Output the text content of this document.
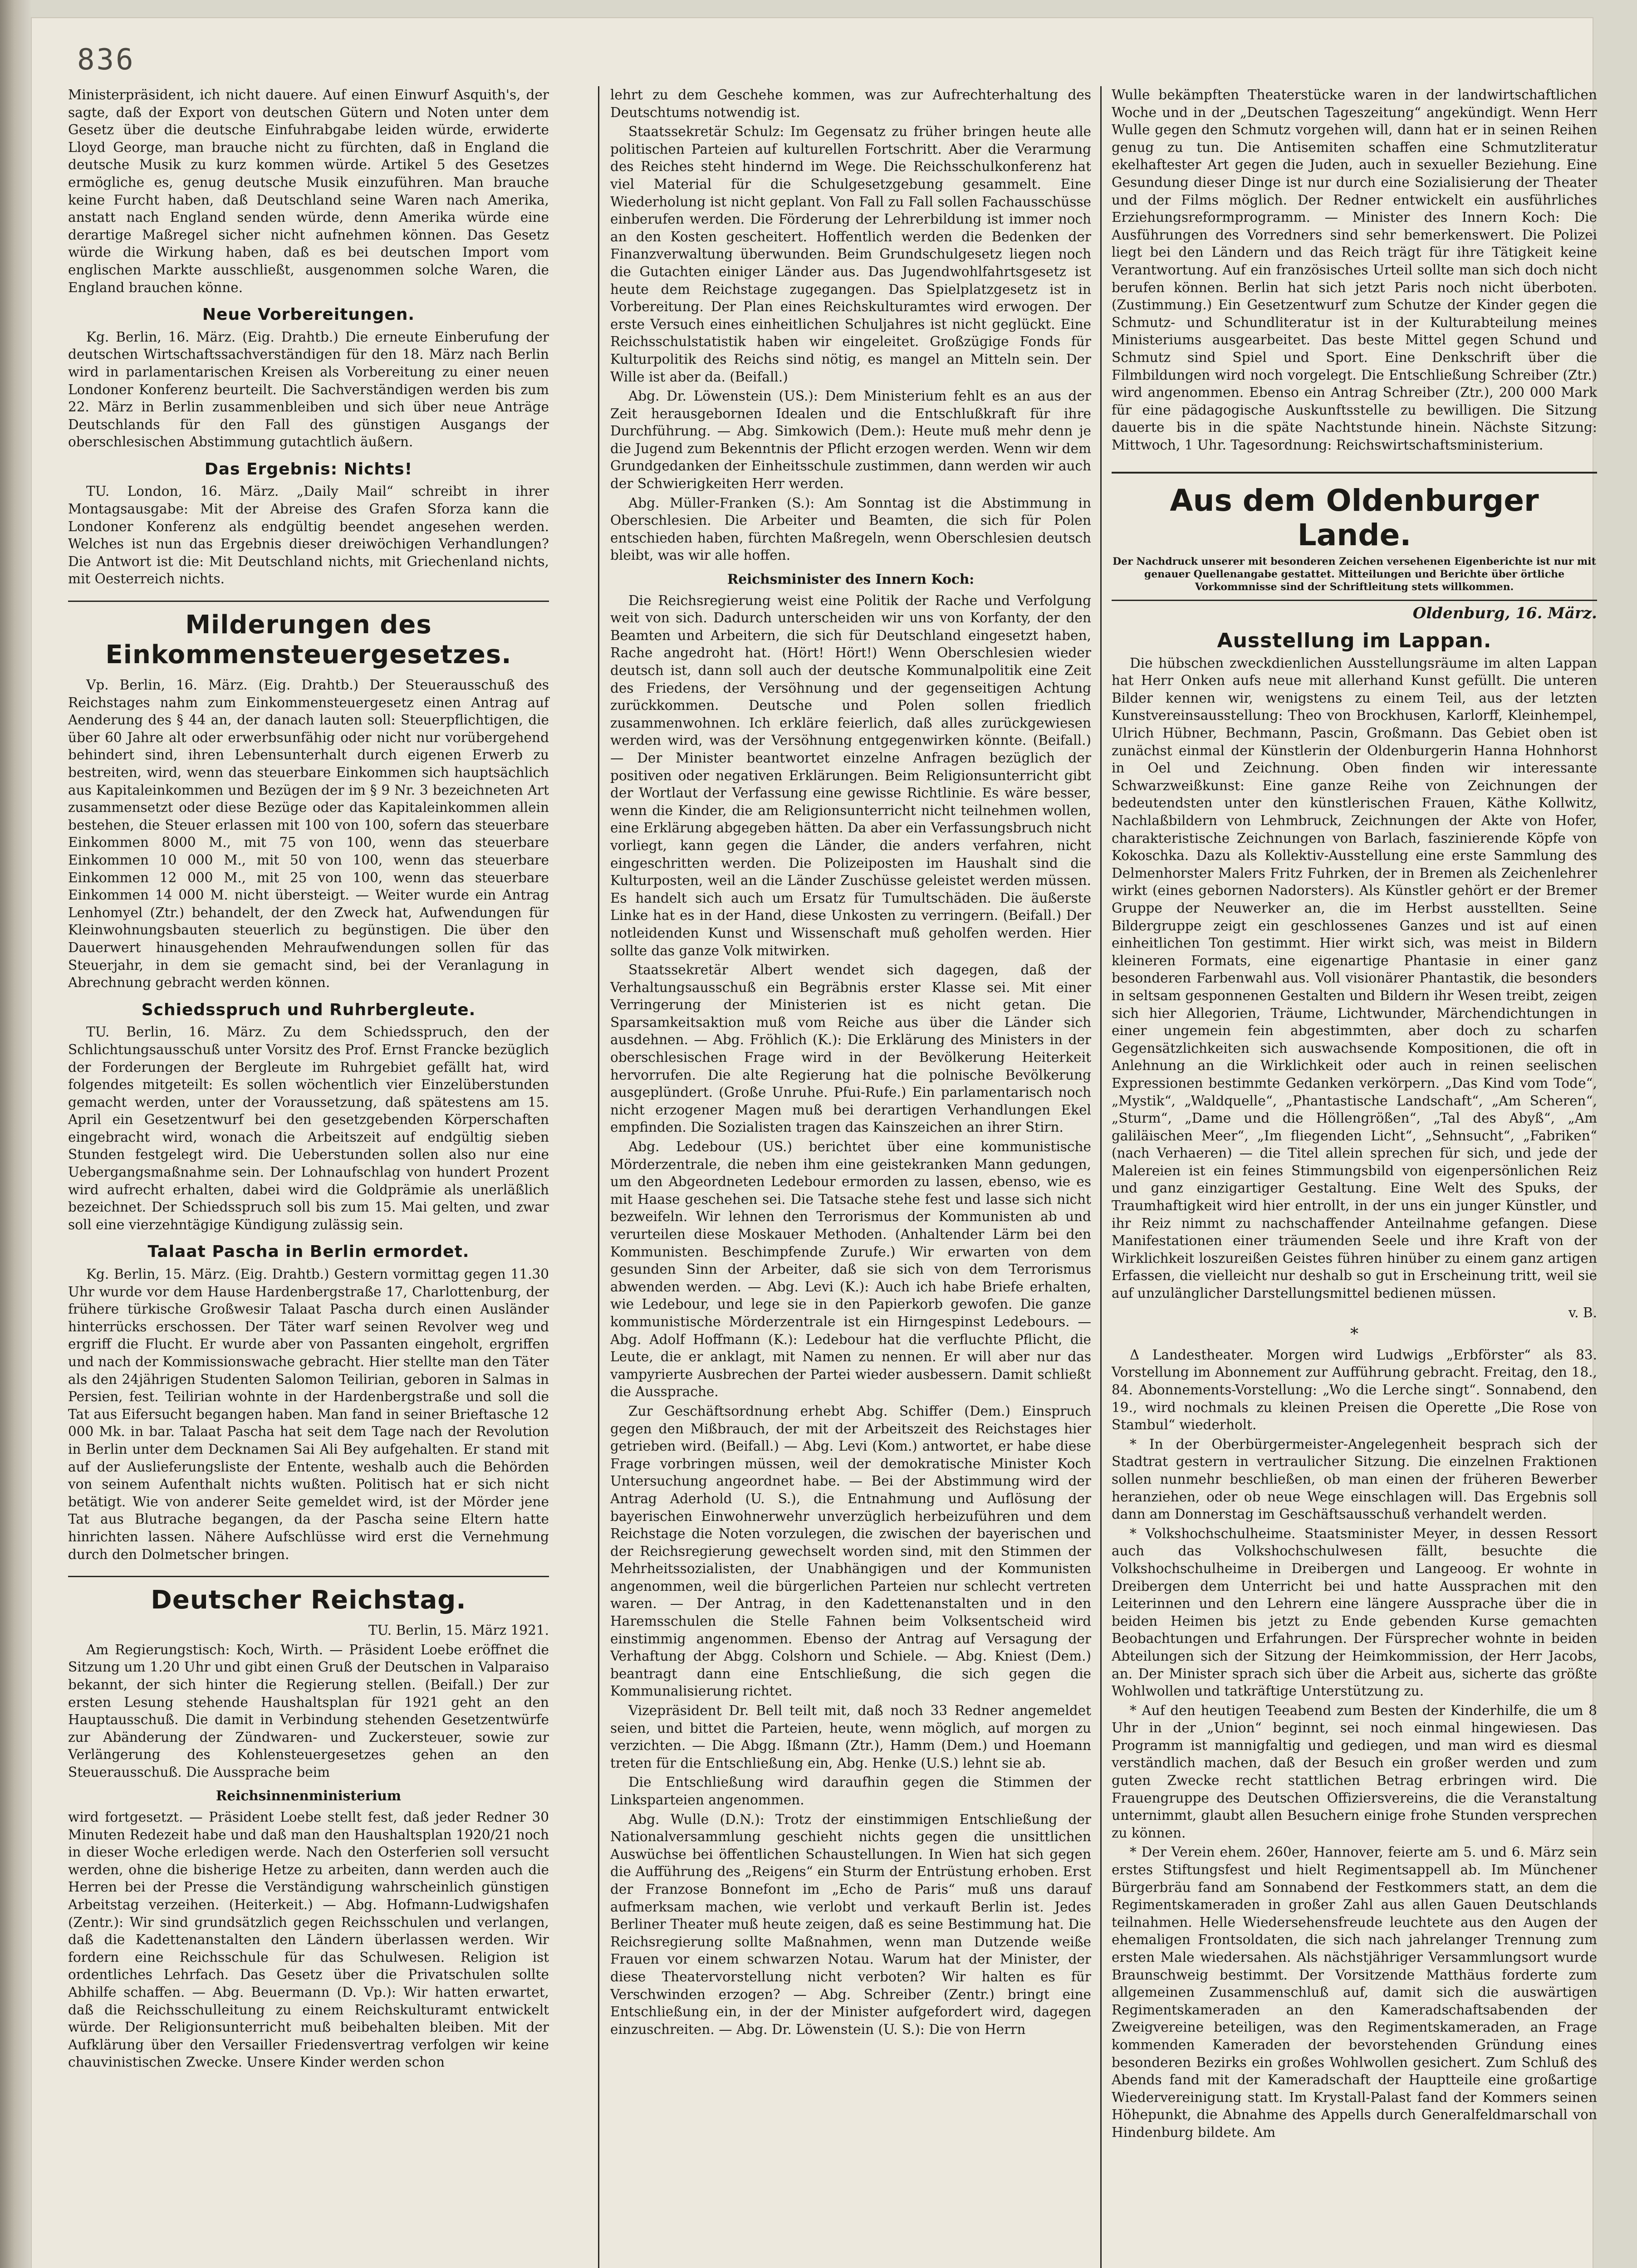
836

Ministerpräsident, ich nicht dauere. Auf einen Einwurf Asquith's, der sagte, daß der Export von deutschen Gütern und Noten unter dem Gesetz über die deutsche Einfuhrabgabe leiden würde, erwiderte Lloyd George, man brauche nicht zu fürchten, daß in England die deutsche Musik zu kurz kommen würde. Artikel 5 des Gesetzes ermögliche es, genug deutsche Musik einzuführen. Man brauche keine Furcht haben, daß Deutschland seine Waren nach Amerika, anstatt nach England senden würde, denn Amerika würde eine derartige Maßregel sicher nicht aufnehmen können. Das Gesetz würde die Wirkung haben, daß es bei deutschen Import vom englischen Markte ausschließt, ausgenommen solche Waren, die England brauchen könne.

Neue Vorbereitungen.

Kg. Berlin, 16. März. (Eig. Drahtb.) Die erneute Einberufung der deutschen Wirtschaftssachverständigen für den 18. März nach Berlin wird in parlamentarischen Kreisen als Vorbereitung zu einer neuen Londoner Konferenz beurteilt. Die Sachverständigen werden bis zum 22. März in Berlin zusammenbleiben und sich über neue Anträge Deutschlands für den Fall des günstigen Ausgangs der oberschlesischen Abstimmung gutachtlich äußern.

Das Ergebnis: Nichts!

TU. London, 16. März. „Daily Mail“ schreibt in ihrer Montagsausgabe: Mit der Abreise des Grafen Sforza kann die Londoner Konferenz als endgültig beendet angesehen werden. Welches ist nun das Ergebnis dieser dreiwöchigen Verhandlungen? Die Antwort ist die: Mit Deutschland nichts, mit Griechenland nichts, mit Oesterreich nichts.

Milderungen des Einkommensteuergesetzes.

Vp. Berlin, 16. März. (Eig. Drahtb.) Der Steuerausschuß des Reichstages nahm zum Einkommensteuergesetz einen Antrag auf Aenderung des § 44 an, der danach lauten soll: Steuerpflichtigen, die über 60 Jahre alt oder erwerbsunfähig oder nicht nur vorübergehend behindert sind, ihren Lebensunterhalt durch eigenen Erwerb zu bestreiten, wird, wenn das steuerbare Einkommen sich hauptsächlich aus Kapitaleinkommen und Bezügen der im § 9 Nr. 3 bezeichneten Art zusammensetzt oder diese Bezüge oder das Kapitaleinkommen allein bestehen, die Steuer erlassen mit 100 von 100, sofern das steuerbare Einkommen 8000 M., mit 75 von 100, wenn das steuerbare Einkommen 10 000 M., mit 50 von 100, wenn das steuerbare Einkommen 12 000 M., mit 25 von 100, wenn das steuerbare Einkommen 14 000 M. nicht übersteigt. — Weiter wurde ein Antrag Lenhomyel (Ztr.) behandelt, der den Zweck hat, Aufwendungen für Kleinwohnungsbauten steuerlich zu begünstigen. Die über den Dauerwert hinausgehenden Mehraufwendungen sollen für das Steuerjahr, in dem sie gemacht sind, bei der Veranlagung in Abrechnung gebracht werden können.

Schiedsspruch und Ruhrbergleute.

TU. Berlin, 16. März. Zu dem Schiedsspruch, den der Schlichtungsausschuß unter Vorsitz des Prof. Ernst Francke bezüglich der Forderungen der Bergleute im Ruhrgebiet gefällt hat, wird folgendes mitgeteilt: Es sollen wöchentlich vier Einzelüberstunden gemacht werden, unter der Voraussetzung, daß spätestens am 15. April ein Gesetzentwurf bei den gesetzgebenden Körperschaften eingebracht wird, wonach die Arbeitszeit auf endgültig sieben Stunden festgelegt wird. Die Ueberstunden sollen also nur eine Uebergangsmaßnahme sein. Der Lohnaufschlag von hundert Prozent wird aufrecht erhalten, dabei wird die Goldprämie als unerläßlich bezeichnet. Der Schiedsspruch soll bis zum 15. Mai gelten, und zwar soll eine vierzehntägige Kündigung zulässig sein.

Talaat Pascha in Berlin ermordet.

Kg. Berlin, 15. März. (Eig. Drahtb.) Gestern vormittag gegen 11.30 Uhr wurde vor dem Hause Hardenbergstraße 17, Charlottenburg, der frühere türkische Großwesir Talaat Pascha durch einen Ausländer hinterrücks erschossen. Der Täter warf seinen Revolver weg und ergriff die Flucht. Er wurde aber von Passanten eingeholt, ergriffen und nach der Kommissionswache gebracht. Hier stellte man den Täter als den 24jährigen Studenten Salomon Teilirian, geboren in Salmas in Persien, fest. Teilirian wohnte in der Hardenbergstraße und soll die Tat aus Eifersucht begangen haben. Man fand in seiner Brieftasche 12 000 Mk. in bar. Talaat Pascha hat seit dem Tage nach der Revolution in Berlin unter dem Decknamen Sai Ali Bey aufgehalten. Er stand mit auf der Auslieferungsliste der Entente, weshalb auch die Behörden von seinem Aufenthalt nichts wußten. Politisch hat er sich nicht betätigt. Wie von anderer Seite gemeldet wird, ist der Mörder jene Tat aus Blutrache begangen, da der Pascha seine Eltern hatte hinrichten lassen. Nähere Aufschlüsse wird erst die Vernehmung durch den Dolmetscher bringen.

Deutscher Reichstag.

TU. Berlin, 15. März 1921.

Am Regierungstisch: Koch, Wirth. — Präsident Loebe eröffnet die Sitzung um 1.20 Uhr und gibt einen Gruß der Deutschen in Valparaiso bekannt, der sich hinter die Regierung stellen. (Beifall.) Der zur ersten Lesung stehende Haushaltsplan für 1921 geht an den Hauptausschuß. Die damit in Verbindung stehenden Gesetzentwürfe zur Abänderung der Zündwaren- und Zuckersteuer, sowie zur Verlängerung des Kohlensteuergesetzes gehen an den Steuerausschuß. Die Aussprache beim

Reichsinnenministerium

wird fortgesetzt. — Präsident Loebe stellt fest, daß jeder Redner 30 Minuten Redezeit habe und daß man den Haushaltsplan 1920/21 noch in dieser Woche erledigen werde. Nach den Osterferien soll versucht werden, ohne die bisherige Hetze zu arbeiten, dann werden auch die Herren bei der Presse die Verständigung wahrscheinlich günstigen Arbeitstag verzeihen. (Heiterkeit.) — Abg. Hofmann-Ludwigshafen (Zentr.): Wir sind grundsätzlich gegen Reichsschulen und verlangen, daß die Kadettenanstalten den Ländern überlassen werden. Wir fordern eine Reichsschule für das Schulwesen. Religion ist ordentliches Lehrfach. Das Gesetz über die Privatschulen sollte Abhilfe schaffen. — Abg. Beuermann (D. Vp.): Wir hatten erwartet, daß die Reichsschulleitung zu einem Reichskulturamt entwickelt würde. Der Religionsunterricht muß beibehalten bleiben. Mit der Aufklärung über den Versailler Friedensvertrag verfolgen wir keine chauvinistischen Zwecke. Unsere Kinder werden schon

lehrt zu dem Geschehe kommen, was zur Aufrechterhaltung des Deutschtums notwendig ist.

Staatssekretär Schulz: Im Gegensatz zu früher bringen heute alle politischen Parteien auf kulturellen Fortschritt. Aber die Verarmung des Reiches steht hindernd im Wege. Die Reichsschulkonferenz hat viel Material für die Schulgesetzgebung gesammelt. Eine Wiederholung ist nicht geplant. Von Fall zu Fall sollen Fachausschüsse einberufen werden. Die Förderung der Lehrerbildung ist immer noch an den Kosten gescheitert. Hoffentlich werden die Bedenken der Finanzverwaltung überwunden. Beim Grundschulgesetz liegen noch die Gutachten einiger Länder aus. Das Jugendwohlfahrtsgesetz ist heute dem Reichstage zugegangen. Das Spielplatzgesetz ist in Vorbereitung. Der Plan eines Reichskulturamtes wird erwogen. Der erste Versuch eines einheitlichen Schuljahres ist nicht geglückt. Eine Reichsschulstatistik haben wir eingeleitet. Großzügige Fonds für Kulturpolitik des Reichs sind nötig, es mangel an Mitteln sein. Der Wille ist aber da. (Beifall.)

Abg. Dr. Löwenstein (US.): Dem Ministerium fehlt es an aus der Zeit herausgebornen Idealen und die Entschlußkraft für ihre Durchführung. — Abg. Simkowich (Dem.): Heute muß mehr denn je die Jugend zum Bekenntnis der Pflicht erzogen werden. Wenn wir dem Grundgedanken der Einheitsschule zustimmen, dann werden wir auch der Schwierigkeiten Herr werden.

Abg. Müller-Franken (S.): Am Sonntag ist die Abstimmung in Oberschlesien. Die Arbeiter und Beamten, die sich für Polen entschieden haben, fürchten Maßregeln, wenn Oberschlesien deutsch bleibt, was wir alle hoffen.

Reichsminister des Innern Koch:

Die Reichsregierung weist eine Politik der Rache und Verfolgung weit von sich. Dadurch unterscheiden wir uns von Korfanty, der den Beamten und Arbeitern, die sich für Deutschland eingesetzt haben, Rache angedroht hat. (Hört! Hört!) Wenn Oberschlesien wieder deutsch ist, dann soll auch der deutsche Kommunalpolitik eine Zeit des Friedens, der Versöhnung und der gegenseitigen Achtung zurückkommen. Deutsche und Polen sollen friedlich zusammenwohnen. Ich erkläre feierlich, daß alles zurückgewiesen werden wird, was der Versöhnung entgegenwirken könnte. (Beifall.) — Der Minister beantwortet einzelne Anfragen bezüglich der positiven oder negativen Erklärungen. Beim Religionsunterricht gibt der Wortlaut der Verfassung eine gewisse Richtlinie. Es wäre besser, wenn die Kinder, die am Religionsunterricht nicht teilnehmen wollen, eine Erklärung abgegeben hätten. Da aber ein Verfassungsbruch nicht vorliegt, kann gegen die Länder, die anders verfahren, nicht eingeschritten werden. Die Polizeiposten im Haushalt sind die Kulturposten, weil an die Länder Zuschüsse geleistet werden müssen. Es handelt sich auch um Ersatz für Tumultschäden. Die äußerste Linke hat es in der Hand, diese Unkosten zu verringern. (Beifall.) Der notleidenden Kunst und Wissenschaft muß geholfen werden. Hier sollte das ganze Volk mitwirken.

Staatssekretär Albert wendet sich dagegen, daß der Verhaltungsausschuß ein Begräbnis erster Klasse sei. Mit einer Verringerung der Ministerien ist es nicht getan. Die Sparsamkeitsaktion muß vom Reiche aus über die Länder sich ausdehnen. — Abg. Fröhlich (K.): Die Erklärung des Ministers in der oberschlesischen Frage wird in der Bevölkerung Heiterkeit hervorrufen. Die alte Regierung hat die polnische Bevölkerung ausgeplündert. (Große Unruhe. Pfui-Rufe.) Ein parlamentarisch noch nicht erzogener Magen muß bei derartigen Verhandlungen Ekel empfinden. Die Sozialisten tragen das Kainszeichen an ihrer Stirn.

Abg. Ledebour (US.) berichtet über eine kommunistische Mörderzentrale, die neben ihm eine geistekranken Mann gedungen, um den Abgeordneten Ledebour ermorden zu lassen, ebenso, wie es mit Haase geschehen sei. Die Tatsache stehe fest und lasse sich nicht bezweifeln. Wir lehnen den Terrorismus der Kommunisten ab und verurteilen diese Moskauer Methoden. (Anhaltender Lärm bei den Kommunisten. Beschimpfende Zurufe.) Wir erwarten von dem gesunden Sinn der Arbeiter, daß sie sich von dem Terrorismus abwenden werden. — Abg. Levi (K.): Auch ich habe Briefe erhalten, wie Ledebour, und lege sie in den Papierkorb gewofen. Die ganze kommunistische Mörderzentrale ist ein Hirngespinst Ledebours. — Abg. Adolf Hoffmann (K.): Ledebour hat die verfluchte Pflicht, die Leute, die er anklagt, mit Namen zu nennen. Er will aber nur das vampyrierte Ausbrechen der Partei wieder ausbessern. Damit schließt die Aussprache.

Zur Geschäftsordnung erhebt Abg. Schiffer (Dem.) Einspruch gegen den Mißbrauch, der mit der Arbeitszeit des Reichstages hier getrieben wird. (Beifall.) — Abg. Levi (Kom.) antwortet, er habe diese Frage vorbringen müssen, weil der demokratische Minister Koch Untersuchung angeordnet habe. — Bei der Abstimmung wird der Antrag Aderhold (U. S.), die Entnahmung und Auflösung der bayerischen Einwohnerwehr unverzüglich herbeizuführen und dem Reichstage die Noten vorzulegen, die zwischen der bayerischen und der Reichsregierung gewechselt worden sind, mit den Stimmen der Mehrheitssozialisten, der Unabhängigen und der Kommunisten angenommen, weil die bürgerlichen Parteien nur schlecht vertreten waren. — Der Antrag, in den Kadettenanstalten und in den Haremsschulen die Stelle Fahnen beim Volksentscheid wird einstimmig angenommen. Ebenso der Antrag auf Versagung der Verhaftung der Abgg. Colshorn und Schiele. — Abg. Kniest (Dem.) beantragt dann eine Entschließung, die sich gegen die Kommunalisierung richtet.

Vizepräsident Dr. Bell teilt mit, daß noch 33 Redner angemeldet seien, und bittet die Parteien, heute, wenn möglich, auf morgen zu verzichten. — Die Abgg. Ißmann (Ztr.), Hamm (Dem.) und Hoemann treten für die Entschließung ein, Abg. Henke (U.S.) lehnt sie ab.

Die Entschließung wird daraufhin gegen die Stimmen der Linksparteien angenommen.

Abg. Wulle (D.N.): Trotz der einstimmigen Entschließung der Nationalversammlung geschieht nichts gegen die unsittlichen Auswüchse bei öffentlichen Schaustellungen. In Wien hat sich gegen die Aufführung des „Reigens“ ein Sturm der Entrüstung erhoben. Erst der Franzose Bonnefont im „Echo de Paris“ muß uns darauf aufmerksam machen, wie verlobt und verkauft Berlin ist. Jedes Berliner Theater muß heute zeigen, daß es seine Bestimmung hat. Die Reichsregierung sollte Maßnahmen, wenn man Dutzende weiße Frauen vor einem schwarzen Notau. Warum hat der Minister, der diese Theatervorstellung nicht verboten? Wir halten es für Verschwinden erzogen? — Abg. Schreiber (Zentr.) bringt eine Entschließung ein, in der der Minister aufgefordert wird, dagegen einzuschreiten. — Abg. Dr. Löwenstein (U. S.): Die von Herrn

Wulle bekämpften Theaterstücke waren in der landwirtschaftlichen Woche und in der „Deutschen Tageszeitung“ angekündigt. Wenn Herr Wulle gegen den Schmutz vorgehen will, dann hat er in seinen Reihen genug zu tun. Die Antisemiten schaffen eine Schmutzliteratur ekelhaftester Art gegen die Juden, auch in sexueller Beziehung. Eine Gesundung dieser Dinge ist nur durch eine Sozialisierung der Theater und der Films möglich. Der Redner entwickelt ein ausführliches Erziehungsreformprogramm. — Minister des Innern Koch: Die Ausführungen des Vorredners sind sehr bemerkenswert. Die Polizei liegt bei den Ländern und das Reich trägt für ihre Tätigkeit keine Verantwortung. Auf ein französisches Urteil sollte man sich doch nicht berufen können. Berlin hat sich jetzt Paris noch nicht überboten. (Zustimmung.) Ein Gesetzentwurf zum Schutze der Kinder gegen die Schmutz- und Schundliteratur ist in der Kulturabteilung meines Ministeriums ausgearbeitet. Das beste Mittel gegen Schund und Schmutz sind Spiel und Sport. Eine Denkschrift über die Filmbildungen wird noch vorgelegt. Die Entschließung Schreiber (Ztr.) wird angenommen. Ebenso ein Antrag Schreiber (Ztr.), 200 000 Mark für eine pädagogische Auskunftsstelle zu bewilligen. Die Sitzung dauerte bis in die späte Nachtstunde hinein. Nächste Sitzung: Mittwoch, 1 Uhr. Tagesordnung: Reichswirtschaftsministerium.

Aus dem Oldenburger Lande.
Der Nachdruck unserer mit besonderen Zeichen versehenen Eigenberichte ist nur mit genauer Quellenangabe gestattet. Mitteilungen und Berichte über örtliche Vorkommnisse sind der Schriftleitung stets willkommen.
Oldenburg, 16. März.
Ausstellung im Lappan.

Die hübschen zweckdienlichen Ausstellungsräume im alten Lappan hat Herr Onken aufs neue mit allerhand Kunst gefüllt. Die unteren Bilder kennen wir, wenigstens zu einem Teil, aus der letzten Kunstvereinsausstellung: Theo von Brockhusen, Karlorff, Kleinhempel, Ulrich Hübner, Bechmann, Pascin, Großmann. Das Gebiet oben ist zunächst einmal der Künstlerin der Oldenburgerin Hanna Hohnhorst in Oel und Zeichnung. Oben finden wir interessante Schwarzweißkunst: Eine ganze Reihe von Zeichnungen der bedeutendsten unter den künstlerischen Frauen, Käthe Kollwitz, Nachlaßbildern von Lehmbruck, Zeichnungen der Akte von Hofer, charakteristische Zeichnungen von Barlach, faszinierende Köpfe von Kokoschka. Dazu als Kollektiv-Ausstellung eine erste Sammlung des Delmenhorster Malers Fritz Fuhrken, der in Bremen als Zeichenlehrer wirkt (eines gebornen Nadorsters). Als Künstler gehört er der Bremer Gruppe der Neuwerker an, die im Herbst ausstellten. Seine Bildergruppe zeigt ein geschlossenes Ganzes und ist auf einen einheitlichen Ton gestimmt. Hier wirkt sich, was meist in Bildern kleineren Formats, eine eigenartige Phantasie in einer ganz besonderen Farbenwahl aus. Voll visionärer Phantastik, die besonders in seltsam gesponnenen Gestalten und Bildern ihr Wesen treibt, zeigen sich hier Allegorien, Träume, Lichtwunder, Märchendichtungen in einer ungemein fein abgestimmten, aber doch zu scharfen Gegensätzlichkeiten sich auswachsende Kompositionen, die oft in Anlehnung an die Wirklichkeit oder auch in reinen seelischen Expressionen bestimmte Gedanken verkörpern. „Das Kind vom Tode“, „Mystik“, „Waldquelle“, „Phantastische Landschaft“, „Am Scheren“, „Sturm“, „Dame und die Höllengrößen“, „Tal des Abyß“, „Am galiläischen Meer“, „Im fliegenden Licht“, „Sehnsucht“, „Fabriken“ (nach Verhaeren) — die Titel allein sprechen für sich, und jede der Malereien ist ein feines Stimmungsbild von eigenpersönlichen Reiz und ganz einzigartiger Gestaltung. Eine Welt des Spuks, der Traumhaftigkeit wird hier entrollt, in der uns ein junger Künstler, und ihr Reiz nimmt zu nachschaffender Anteilnahme gefangen. Diese Manifestationen einer träumenden Seele und ihre Kraft von der Wirklichkeit loszureißen Geistes führen hinüber zu einem ganz artigen Erfassen, die vielleicht nur deshalb so gut in Erscheinung tritt, weil sie auf unzulänglicher Darstellungsmittel bedienen müssen.

v. B.

*

Δ Landestheater. Morgen wird Ludwigs „Erbförster“ als 83. Vorstellung im Abonnement zur Aufführung gebracht. Freitag, den 18., 84. Abonnements-Vorstellung: „Wo die Lerche singt“. Sonnabend, den 19., wird nochmals zu kleinen Preisen die Operette „Die Rose von Stambul“ wiederholt.

* In der Oberbürgermeister-Angelegenheit besprach sich der Stadtrat gestern in vertraulicher Sitzung. Die einzelnen Fraktionen sollen nunmehr beschließen, ob man einen der früheren Bewerber heranziehen, oder ob neue Wege einschlagen will. Das Ergebnis soll dann am Donnerstag im Geschäftsausschuß verhandelt werden.

* Volkshochschulheime. Staatsminister Meyer, in dessen Ressort auch das Volkshochschulwesen fällt, besuchte die Volkshochschulheime in Dreibergen und Langeoog. Er wohnte in Dreibergen dem Unterricht bei und hatte Aussprachen mit den Leiterinnen und den Lehrern eine längere Aussprache über die in beiden Heimen bis jetzt zu Ende gebenden Kurse gemachten Beobachtungen und Erfahrungen. Der Fürsprecher wohnte in beiden Abteilungen sich der Sitzung der Heimkommission, der Herr Jacobs, an. Der Minister sprach sich über die Arbeit aus, sicherte das größte Wohlwollen und tatkräftige Unterstützung zu.

* Auf den heutigen Teeabend zum Besten der Kinderhilfe, die um 8 Uhr in der „Union“ beginnt, sei noch einmal hingewiesen. Das Programm ist mannigfaltig und gediegen, und man wird es diesmal verständlich machen, daß der Besuch ein großer werden und zum guten Zwecke recht stattlichen Betrag erbringen wird. Die Frauengruppe des Deutschen Offiziersvereins, die die Veranstaltung unternimmt, glaubt allen Besuchern einige frohe Stunden versprechen zu können.

* Der Verein ehem. 260er, Hannover, feierte am 5. und 6. März sein erstes Stiftungsfest und hielt Regimentsappell ab. Im Münchener Bürgerbräu fand am Sonnabend der Festkommers statt, an dem die Regimentskameraden in großer Zahl aus allen Gauen Deutschlands teilnahmen. Helle Wiedersehensfreude leuchtete aus den Augen der ehemaligen Frontsoldaten, die sich nach jahrelanger Trennung zum ersten Male wiedersahen. Als nächstjähriger Versammlungsort wurde Braunschweig bestimmt. Der Vorsitzende Matthäus forderte zum allgemeinen Zusammenschluß auf, damit sich die auswärtigen Regimentskameraden an den Kameradschaftsabenden der Zweigvereine beteiligen, was den Regimentskameraden, an Frage kommenden Kameraden der bevorstehenden Gründung eines besonderen Bezirks ein großes Wohlwollen gesichert. Zum Schluß des Abends fand mit der Kameradschaft der Hauptteile eine großartige Wiedervereinigung statt. Im Krystall-Palast fand der Kommers seinen Höhepunkt, die Abnahme des Appells durch Generalfeldmarschall von Hindenburg bildete. Am
